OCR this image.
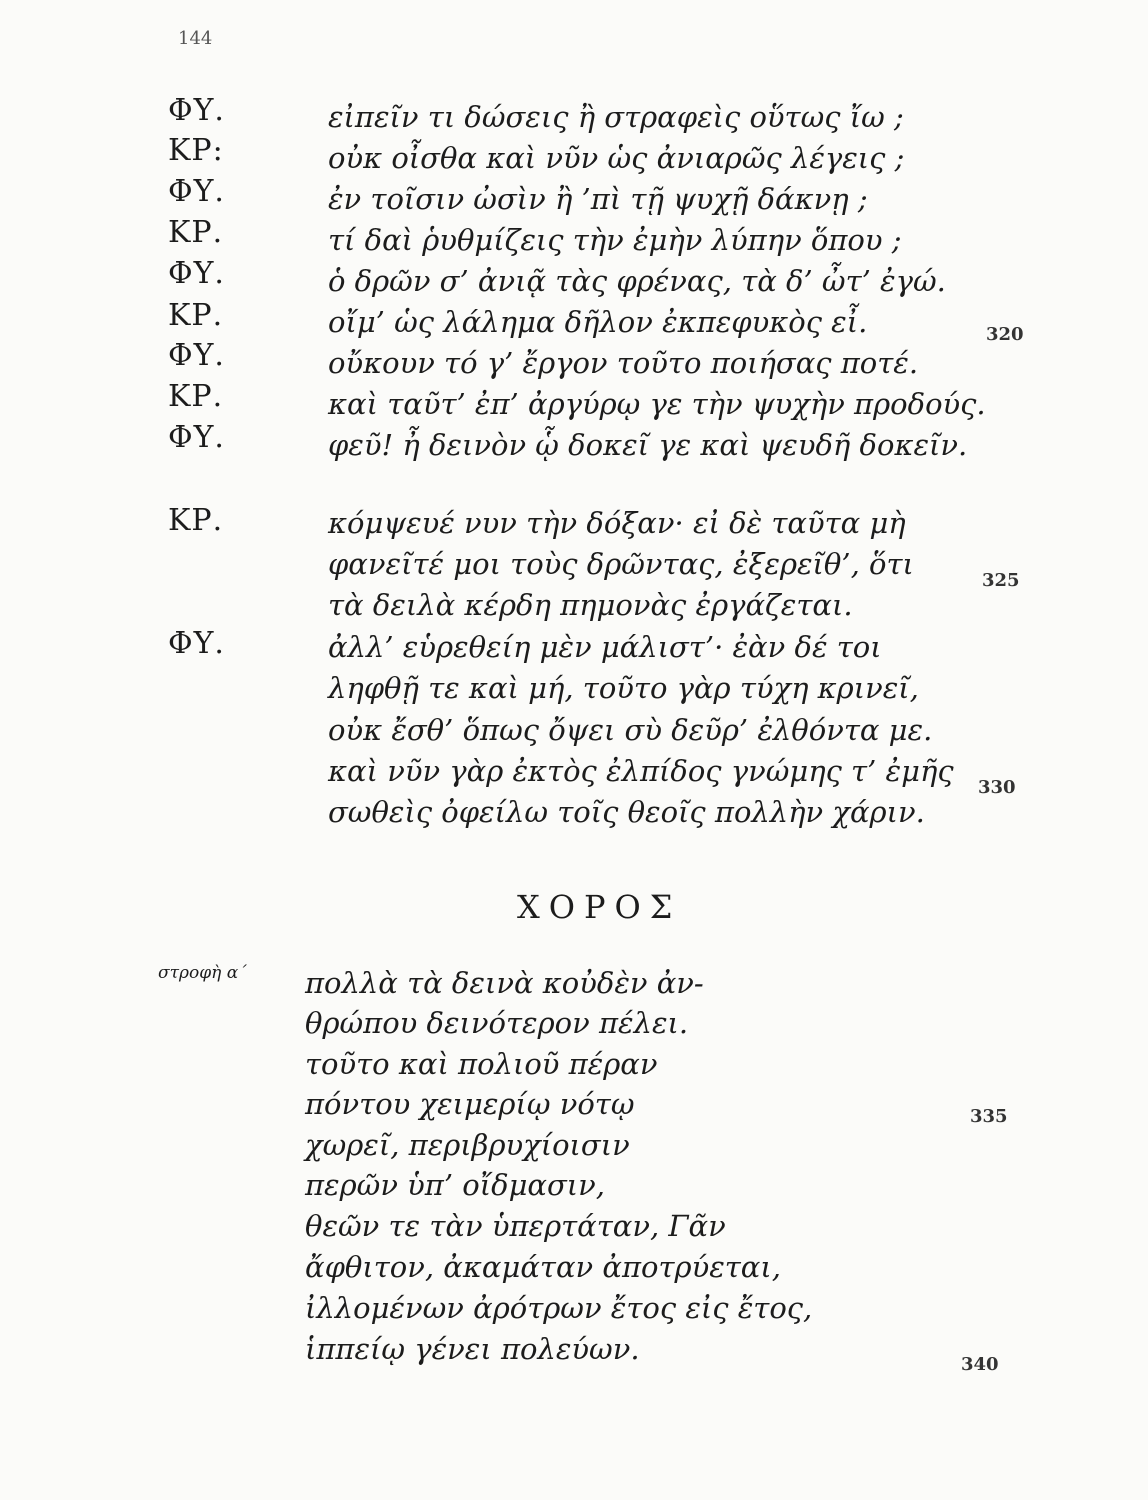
144
ΦΥ.
ΚΡ:
ΦΥ.
ΚΡ.
ΦΥ.
ΚΡ.
ΦΥ.
ΚΡ.
ΦΥ.
ΚΡ.
ΦΥ.
εἰπεῖν τι δώσεις ἢ στραφεὶς οὕτως ἴω ;
οὐκ οἶσθα καὶ νῦν ὡς ἀνιαρῶς λέγεις ;
ἐν τοῖσιν ὠσὶν ἢ ’πὶ τῇ ψυχῇ δάκνῃ ;
τί δαὶ ῥυθμίζεις τὴν ἐμὴν λύπην ὅπου ;
ὁ δρῶν σ’ ἀνιᾷ τὰς φρένας, τὰ δ’ ὦτ’ ἐγώ.
οἴμ’ ὡς λάλημα δῆλον ἐκπεφυκὸς εἶ.
οὔκουν τό γ’ ἔργον τοῦτο ποιήσας ποτέ.
καὶ ταῦτ’ ἐπ’ ἀργύρῳ γε τὴν ψυχὴν προδούς.
φεῦ! ἦ δεινὸν ᾧ δοκεῖ γε καὶ ψευδῆ δοκεῖν.
κόμψευέ νυν τὴν δόξαν· εἰ δὲ ταῦτα μὴ
φανεῖτέ μοι τοὺς δρῶντας, ἐξερεῖθ’, ὅτι
τὰ δειλὰ κέρδη πημονὰς ἐργάζεται.
ἀλλ’ εὑρεθείη μὲν μάλιστ’· ἐὰν δέ τοι
ληφθῇ τε καὶ μή, τοῦτο γὰρ τύχη κρινεῖ,
οὐκ ἔσθ’ ὅπως ὄψει σὺ δεῦρ’ ἐλθόντα με.
καὶ νῦν γὰρ ἐκτὸς ἐλπίδος γνώμης τ’ ἐμῆς
σωθεὶς ὀφείλω τοῖς θεοῖς πολλὴν χάριν.
320
325
330
ΧΟΡΟΣ
στροφὴ α΄ πολλὰ τὰ δεινὰ κοὐδὲν ἀν-
θρώπου δεινότερον πέλει.
τοῦτο καὶ πολιοῦ πέραν
πόντου χειμερίῳ νότῳ
χωρεῖ, περιβρυχίοισιν
περῶν ὑπ’ οἴδμασιν,
θεῶν τε τὰν ὑπερτάταν, Γᾶν
ἄφθιτον, ἀκαμάταν ἀποτρύεται,
ἰλλομένων ἀρότρων ἔτος εἰς ἔτος,
ἱππείῳ γένει πολεύων.
335
340
